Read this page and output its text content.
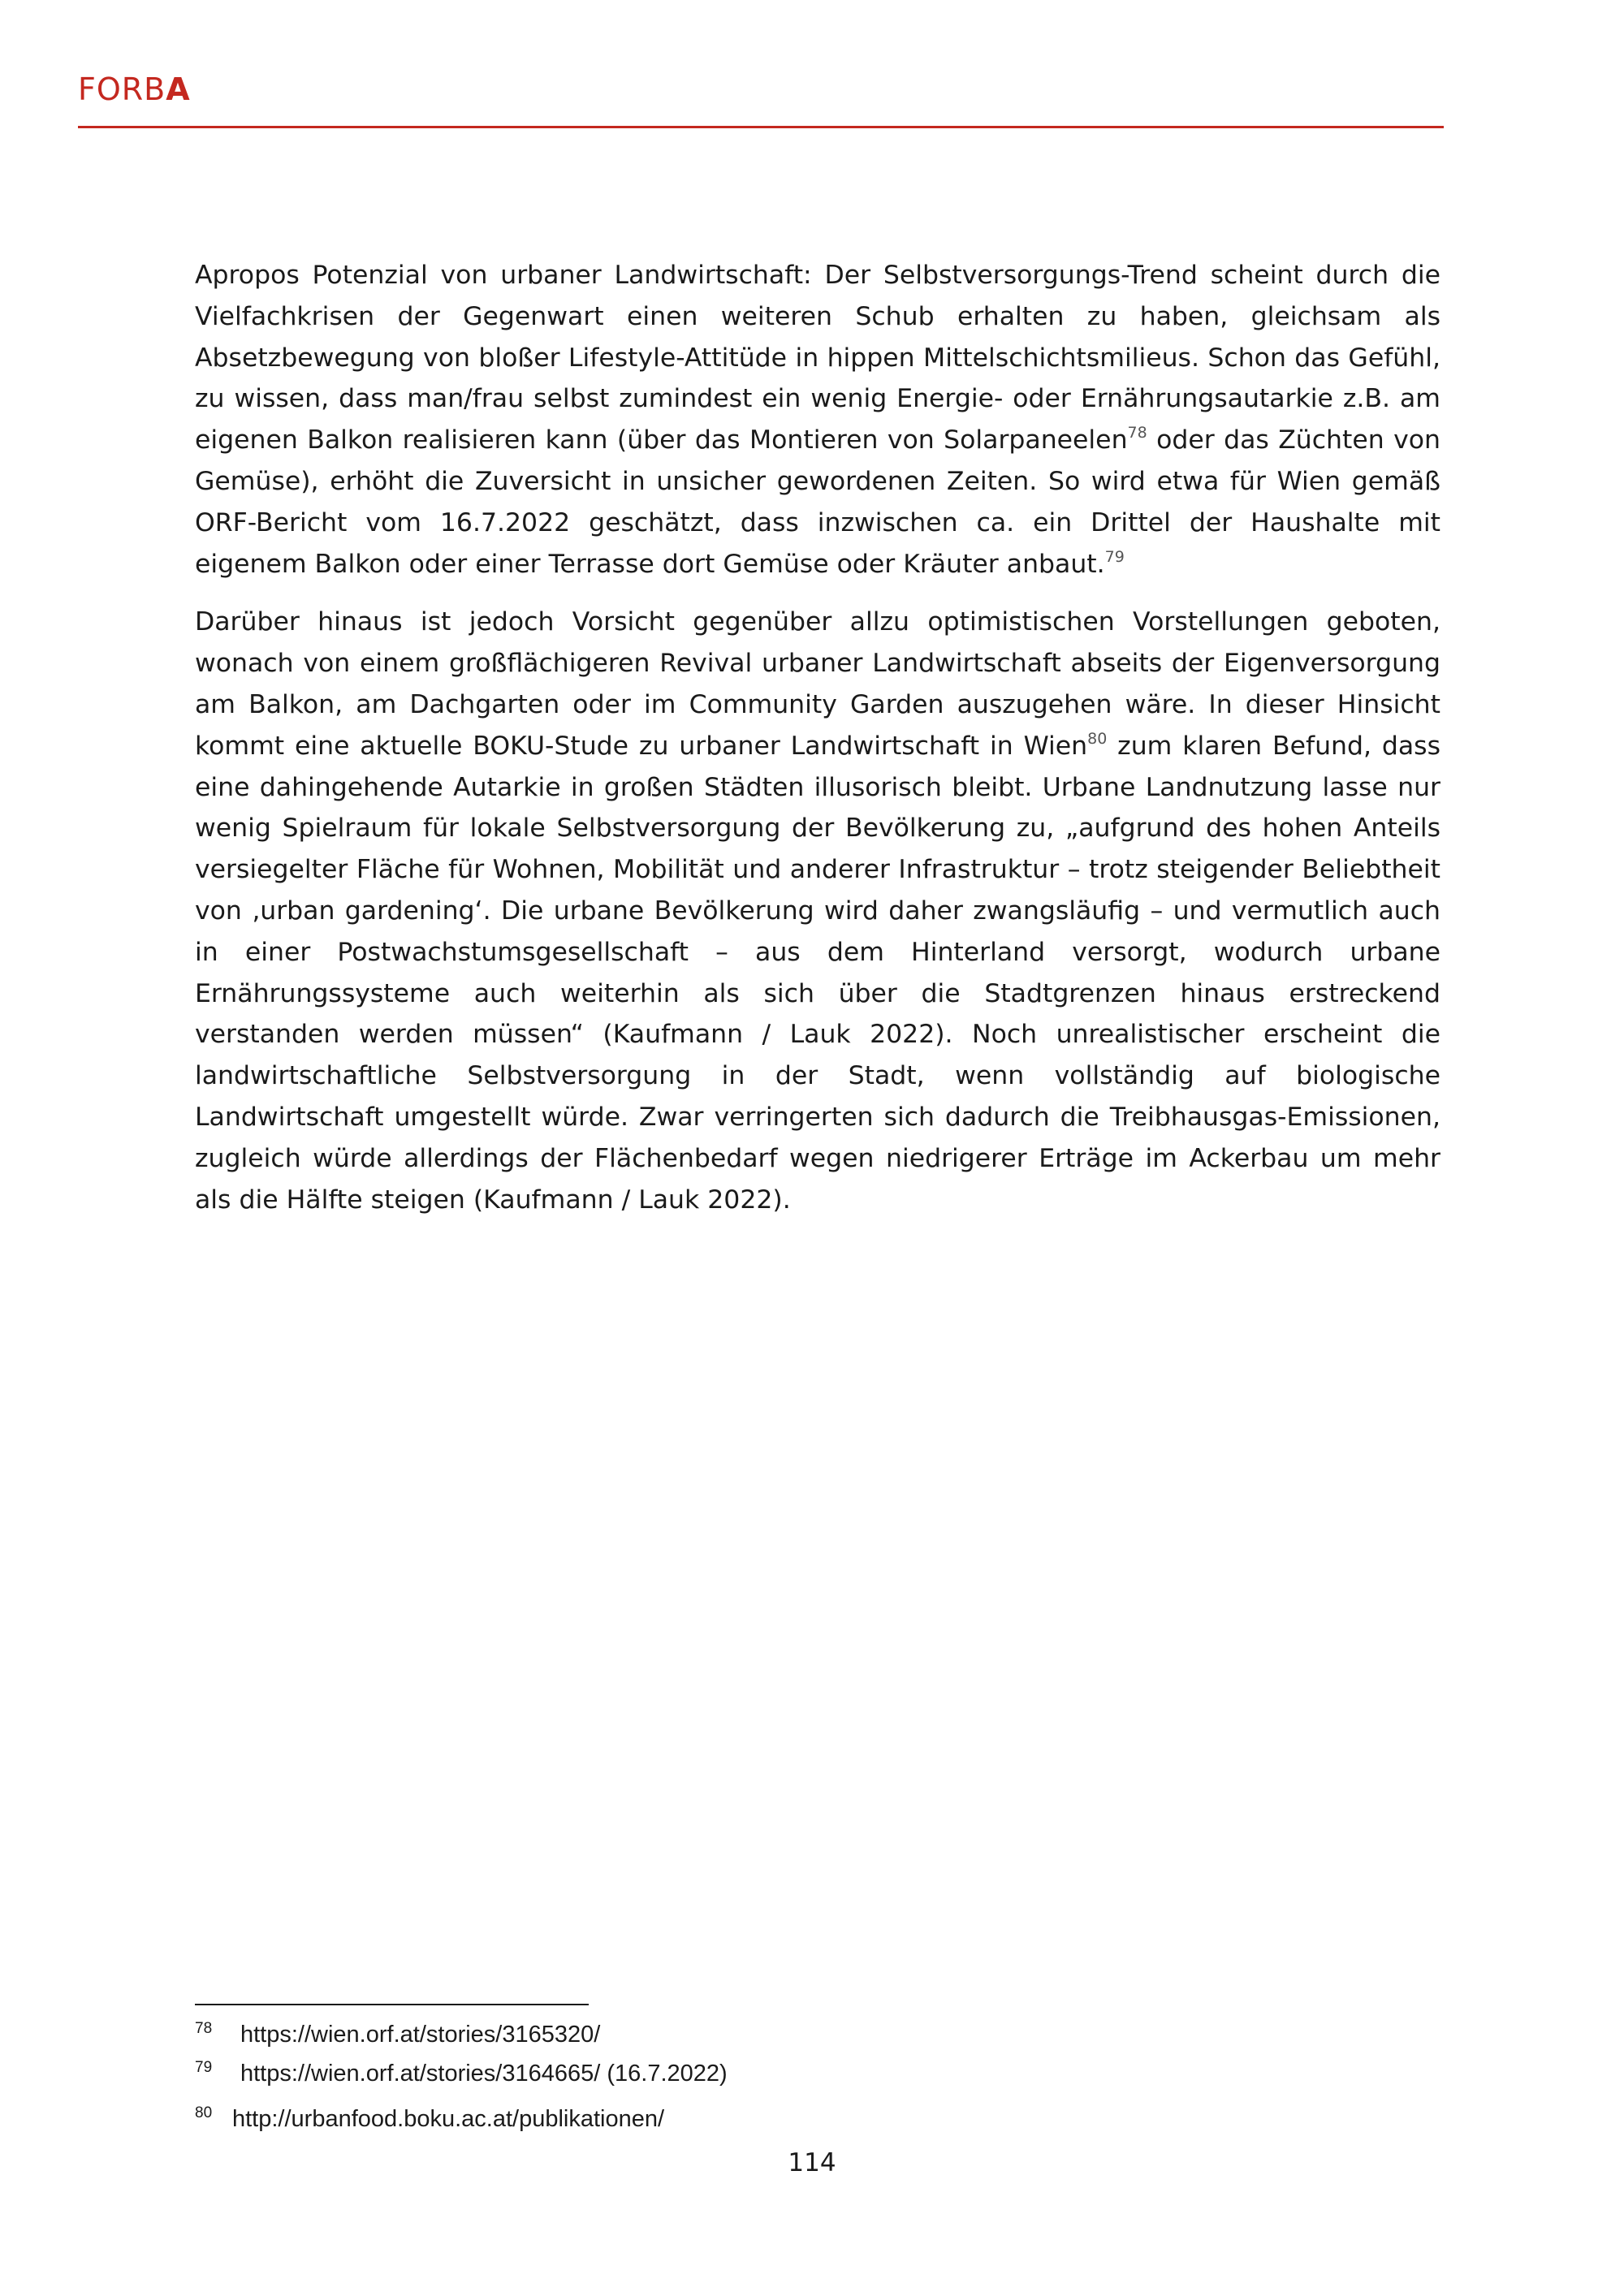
FORBA

Apropos Potenzial von urbaner Landwirtschaft: Der Selbstversorgungs-Trend scheint durch die Vielfachkrisen der Gegenwart einen weiteren Schub erhalten zu haben, gleichsam als Absetzbewegung von bloßer Lifestyle-Attitüde in hippen Mittelschichtsmilieus. Schon das Gefühl, zu wissen, dass man/frau selbst zumindest ein wenig Energie- oder Ernährungsautarkie z.B. am eigenen Balkon realisieren kann (über das Montieren von Solarpaneelen$^{78}$ oder das Züchten von Gemüse), erhöht die Zuversicht in unsicher gewordenen Zeiten. So wird etwa für Wien gemäß ORF-Bericht vom 16.7.2022 geschätzt, dass inzwischen ca. ein Drittel der Haushalte mit eigenem Balkon oder einer Terrasse dort Gemüse oder Kräuter anbaut.$^{79}$

Darüber hinaus ist jedoch Vorsicht gegenüber allzu optimistischen Vorstellungen geboten, wonach von einem großflächigeren Revival urbaner Landwirtschaft abseits der Eigenversorgung am Balkon, am Dachgarten oder im Community Garden auszugehen wäre. In dieser Hinsicht kommt eine aktuelle BOKU-Stude zu urbaner Landwirtschaft in Wien$^{80}$ zum klaren Befund, dass eine dahingehende Autarkie in großen Städten illusorisch bleibt. Urbane Landnutzung lasse nur wenig Spielraum für lokale Selbstversorgung der Bevölkerung zu, „aufgrund des hohen Anteils versiegelter Fläche für Wohnen, Mobilität und anderer Infrastruktur – trotz steigender Beliebtheit von ‚urban gardening‘. Die urbane Bevölkerung wird daher zwangsläufig – und vermutlich auch in einer Postwachstumsgesellschaft – aus dem Hinterland versorgt, wodurch urbane Ernährungssysteme auch weiterhin als sich über die Stadtgrenzen hinaus erstreckend verstanden werden müssen“ (Kaufmann / Lauk 2022). Noch unrealistischer erscheint die landwirtschaftliche Selbstversorgung in der Stadt, wenn vollständig auf biologische Landwirtschaft umgestellt würde. Zwar verringerten sich dadurch die Treibhausgas-Emissionen, zugleich würde allerdings der Flächenbedarf wegen niedrigerer Erträge im Ackerbau um mehr als die Hälfte steigen (Kaufmann / Lauk 2022).

78 https://wien.orf.at/stories/3165320/
79 https://wien.orf.at/stories/3164665/ (16.7.2022)
80 http://urbanfood.boku.ac.at/publikationen/
114
